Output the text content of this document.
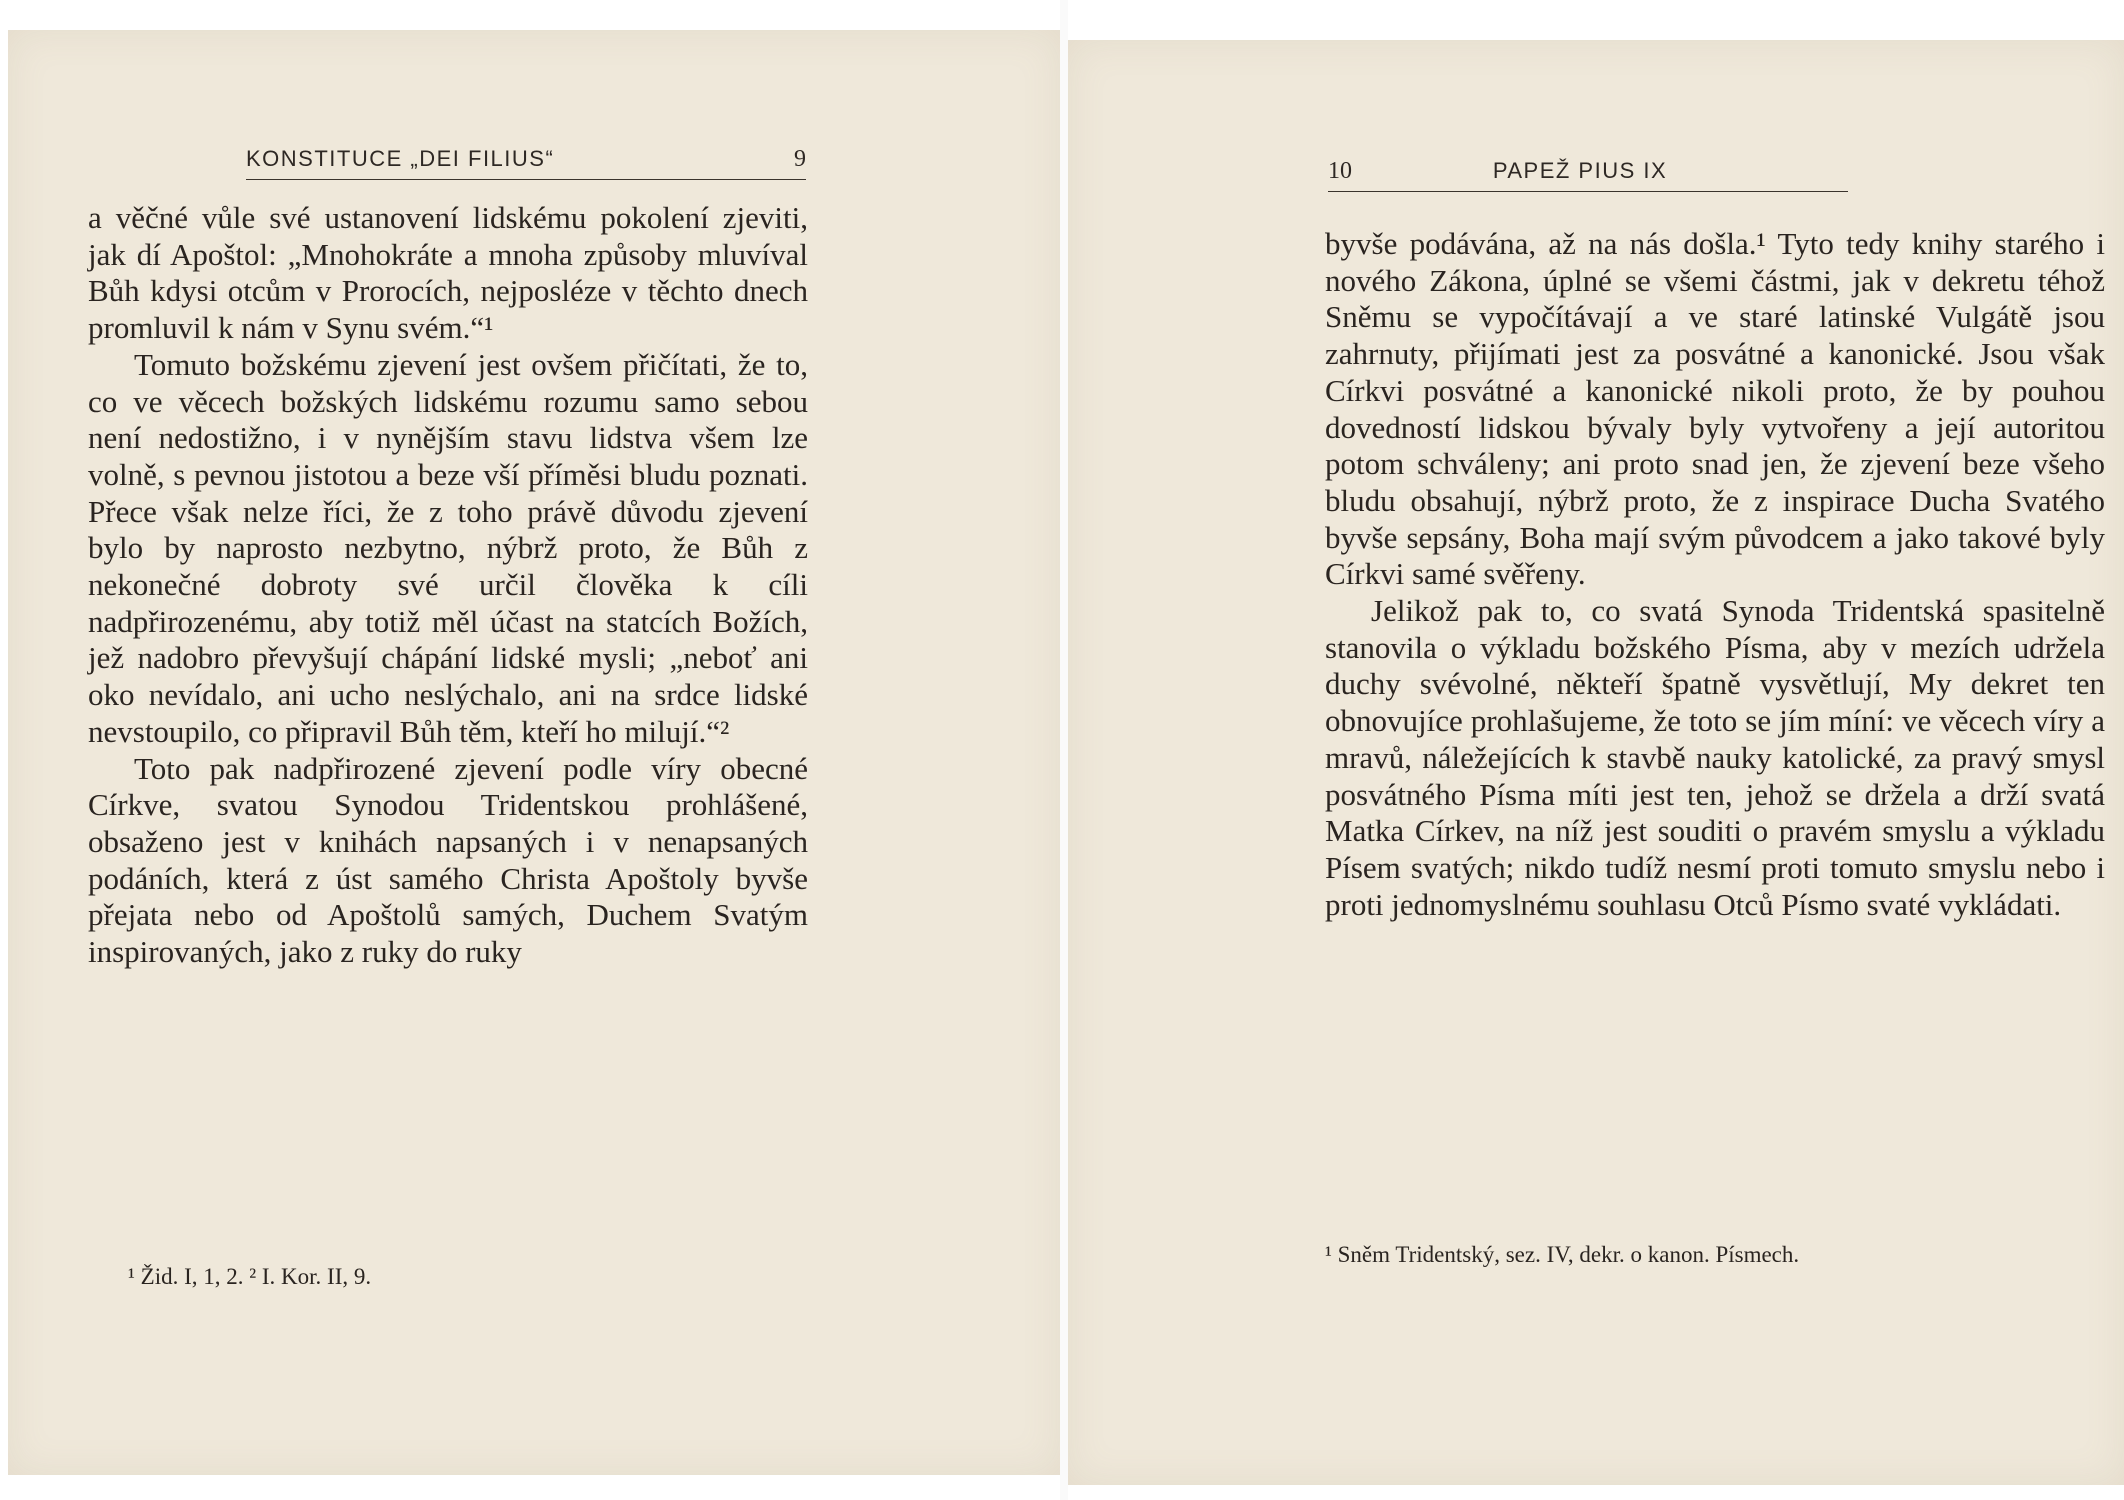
KONSTITUCE „DEI FILIUS“	9

a věčné vůle své ustanovení lidskému pokolení zjeviti, jak dí Apoštol: „Mnohokráte a mnoha způsoby mluvíval Bůh kdysi otcům v Prorocích, nejposléze v těchto dnech promluvil k nám v Synu svém.“¹

Tomuto božskému zjevení jest ovšem přičítati, že to, co ve věcech božských lidskému rozumu samo sebou není nedostižno, i v nynějším stavu lidstva všem lze volně, s pevnou jistotou a beze vší příměsi bludu poznati. Přece však nelze říci, že z toho právě důvodu zjevení bylo by naprosto nezbytno, nýbrž proto, že Bůh z nekonečné dobroty své určil člověka k cíli nadpřirozenému, aby totiž měl účast na statcích Božích, jež nadobro převyšují chápání lidské mysli; „neboť ani oko nevídalo, ani ucho neslýchalo, ani na srdce lidské nevstoupilo, co připravil Bůh těm, kteří ho milují.“²

Toto pak nadpřirozené zjevení podle víry obecné Církve, svatou Synodou Tridentskou prohlášené, obsaženo jest v knihách napsaných i v nenapsaných podáních, která z úst samého Christa Apoštoly byvše přejata nebo od Apoštolů samých, Duchem Svatým inspirovaných, jako z ruky do ruky

¹ Žid. I, 1, 2. ² I. Kor. II, 9.
10	PAPEŽ PIUS IX

byvše podávána, až na nás došla.¹ Tyto tedy knihy starého i nového Zákona, úplné se všemi částmi, jak v dekretu téhož Sněmu se vypočítávají a ve staré latinské Vulgátě jsou zahrnuty, přijímati jest za posvátné a kanonické. Jsou však Církvi posvátné a kanonické nikoli proto, že by pouhou dovedností lidskou bývaly byly vytvořeny a její autoritou potom schváleny; ani proto snad jen, že zjevení beze všeho bludu obsahují, nýbrž proto, že z inspirace Ducha Svatého byvše sepsány, Boha mají svým původcem a jako takové byly Církvi samé svěřeny.

Jelikož pak to, co svatá Synoda Tridentská spasitelně stanovila o výkladu božského Písma, aby v mezích udržela duchy svévolné, někteří špatně vysvětlují, My dekret ten obnovujíce prohlašujeme, že toto se jím míní: ve věcech víry a mravů, náležejících k stavbě nauky katolické, za pravý smysl posvátného Písma míti jest ten, jehož se držela a drží svatá Matka Církev, na níž jest souditi o pravém smyslu a výkladu Písem svatých; nikdo tudíž nesmí proti tomuto smyslu nebo i proti jednomyslnému souhlasu Otců Písmo svaté vykládati.

¹ Sněm Tridentský, sez. IV, dekr. o kanon. Písmech.
